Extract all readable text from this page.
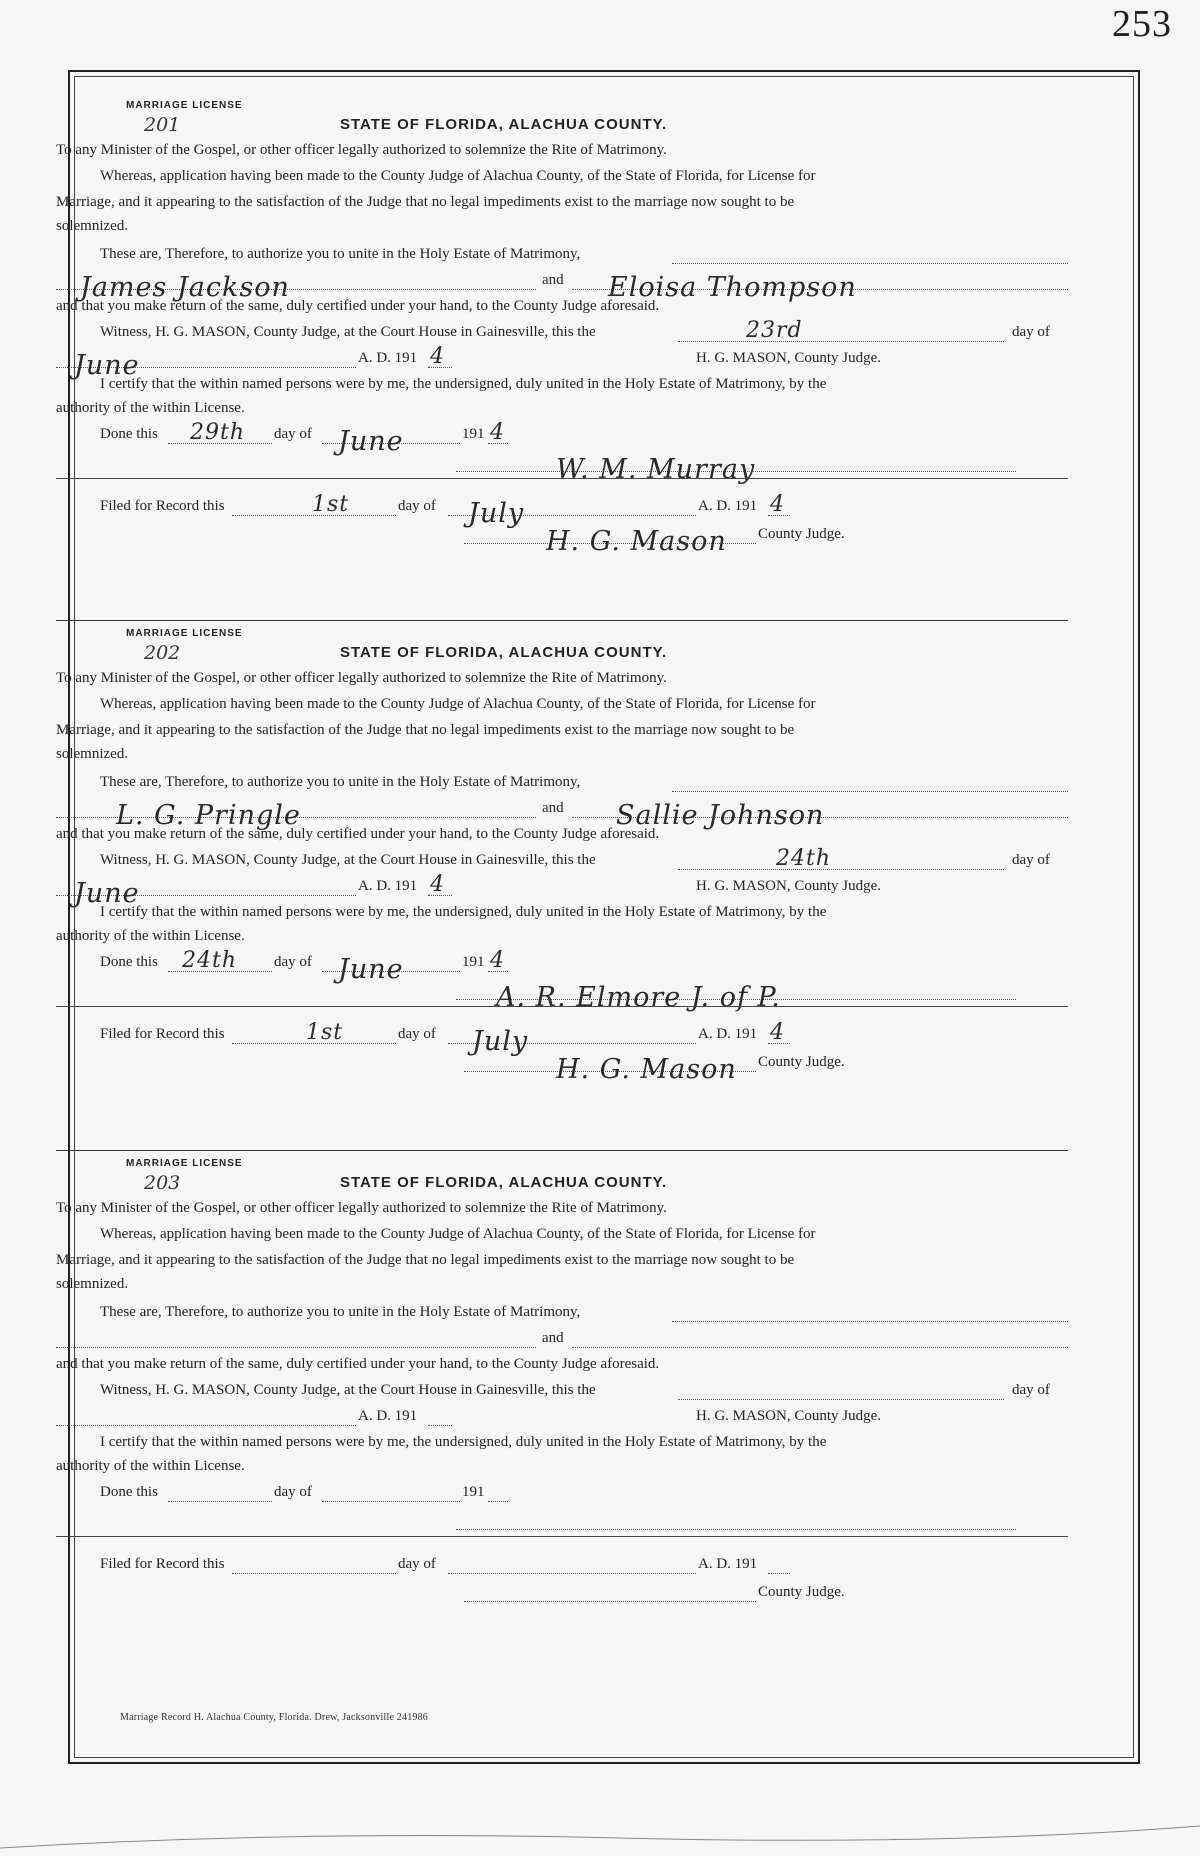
253
MARRIAGE LICENSE
201	STATE OF FLORIDA, ALACHUA COUNTY.
To any Minister of the Gospel, or other officer legally authorized to solemnize the Rite of Matrimony.
Whereas, application having been made to the County Judge of Alachua County, of the State of Florida, for License for
Marriage, and it appearing to the satisfaction of the Judge that no legal impediments exist to the marriage now sought to be
solemnized.
These are, Therefore, to authorize you to unite in the Holy Estate of Matrimony,
James Jackson	and Eloisa Thompson
and that you make return of the same, duly certified under your hand, to the County Judge aforesaid.
Witness, H. G. MASON, County Judge, at the Court House in Gainesville, this the	23rd	day of
June	A. D. 191 4	H. G. MASON, County Judge.
I certify that the within named persons were by me, the undersigned, duly united in the Holy Estate of Matrimony, by the
authority of the within License.
Done this 29th day of June	191 4
W. M. Murray
Filed for Record this	1st	day of July	A. D. 191 4
H. G. Mason County Judge.
MARRIAGE LICENSE
202	STATE OF FLORIDA, ALACHUA COUNTY.
To any Minister of the Gospel, or other officer legally authorized to solemnize the Rite of Matrimony.
Whereas, application having been made to the County Judge of Alachua County, of the State of Florida, for License for
Marriage, and it appearing to the satisfaction of the Judge that no legal impediments exist to the marriage now sought to be
solemnized.
These are, Therefore, to authorize you to unite in the Holy Estate of Matrimony,
L. G. Pringle	and Sallie Johnson
and that you make return of the same, duly certified under your hand, to the County Judge aforesaid.
Witness, H. G. MASON, County Judge, at the Court House in Gainesville, this the	24th	day of
June	A. D. 191 4	H. G. MASON, County Judge.
I certify that the within named persons were by me, the undersigned, duly united in the Holy Estate of Matrimony, by the
authority of the within License.
Done this 24th day of June	191 4
A. R. Elmore J. of P.
Filed for Record this	1st	day of July	A. D. 191 4
H. G. Mason County Judge.
MARRIAGE LICENSE
203	STATE OF FLORIDA, ALACHUA COUNTY.
To any Minister of the Gospel, or other officer legally authorized to solemnize the Rite of Matrimony.
Whereas, application having been made to the County Judge of Alachua County, of the State of Florida, for License for
Marriage, and it appearing to the satisfaction of the Judge that no legal impediments exist to the marriage now sought to be
solemnized.
These are, Therefore, to authorize you to unite in the Holy Estate of Matrimony,
and
and that you make return of the same, duly certified under your hand, to the County Judge aforesaid.
Witness, H. G. MASON, County Judge, at the Court House in Gainesville, this the	day of
A. D. 191	H. G. MASON, County Judge.
I certify that the within named persons were by me, the undersigned, duly united in the Holy Estate of Matrimony, by the
authority of the within License.
Done this	day of	191
Filed for Record this	day of	A. D. 191
County Judge.
Marriage Record H. Alachua County, Florida. Drew, Jacksonville 241986
